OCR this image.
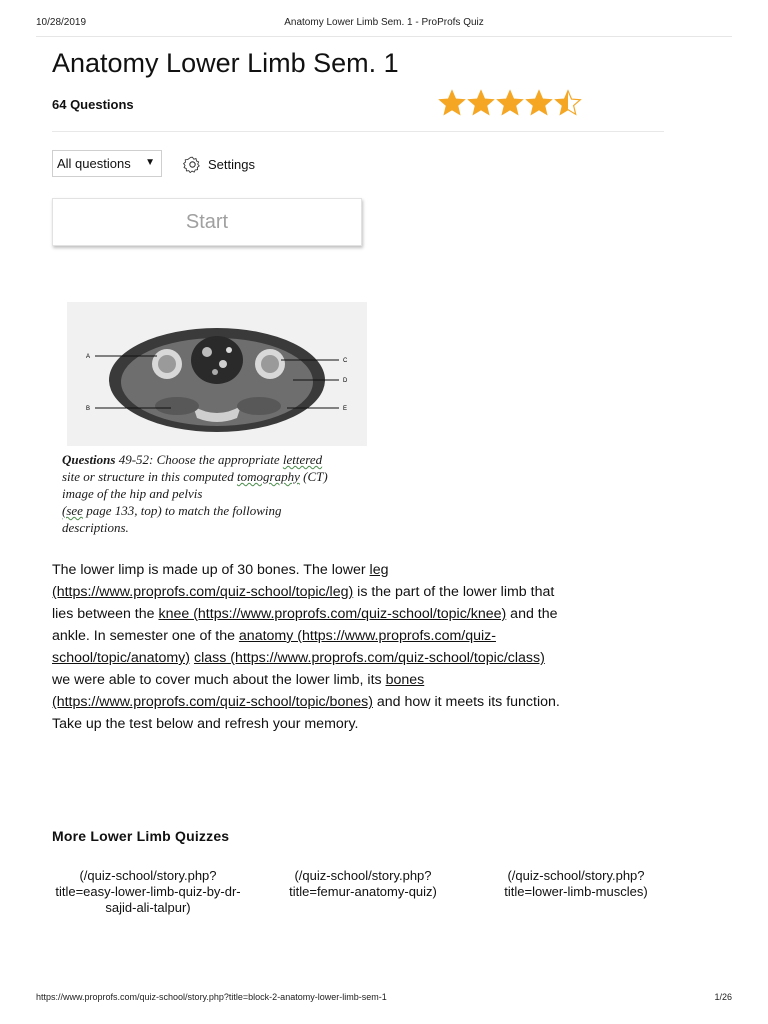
10/28/2019	Anatomy Lower Limb Sem. 1 - ProProfs Quiz
Anatomy Lower Limb Sem. 1
64 Questions
All questions ▼	Settings
Start
A
B
C
D
E
Questions 49-52: Choose the appropriate lettered site or structure in this computed tomography (CT) image of the hip and pelvis
(see page 133, top) to match the following descriptions.
The lower limp is made up of 30 bones. The lower leg (https://www.proprofs.com/quiz-school/topic/leg) is the part of the lower limb that lies between the knee (https://www.proprofs.com/quiz-school/topic/knee) and the ankle. In semester one of the anatomy (https://www.proprofs.com/quiz-school/topic/anatomy) class (https://www.proprofs.com/quiz-school/topic/class) we were able to cover much about the lower limb, its bones (https://www.proprofs.com/quiz-school/topic/bones) and how it meets its function. Take up the test below and refresh your memory.
More Lower Limb Quizzes
(/quiz-school/story.php?title=easy-lower-limb-quiz-by-dr-sajid-ali-talpur)
(/quiz-school/story.php?title=femur-anatomy-quiz)
(/quiz-school/story.php?title=lower-limb-muscles)
https://www.proprofs.com/quiz-school/story.php?title=block-2-anatomy-lower-limb-sem-1	1/26
